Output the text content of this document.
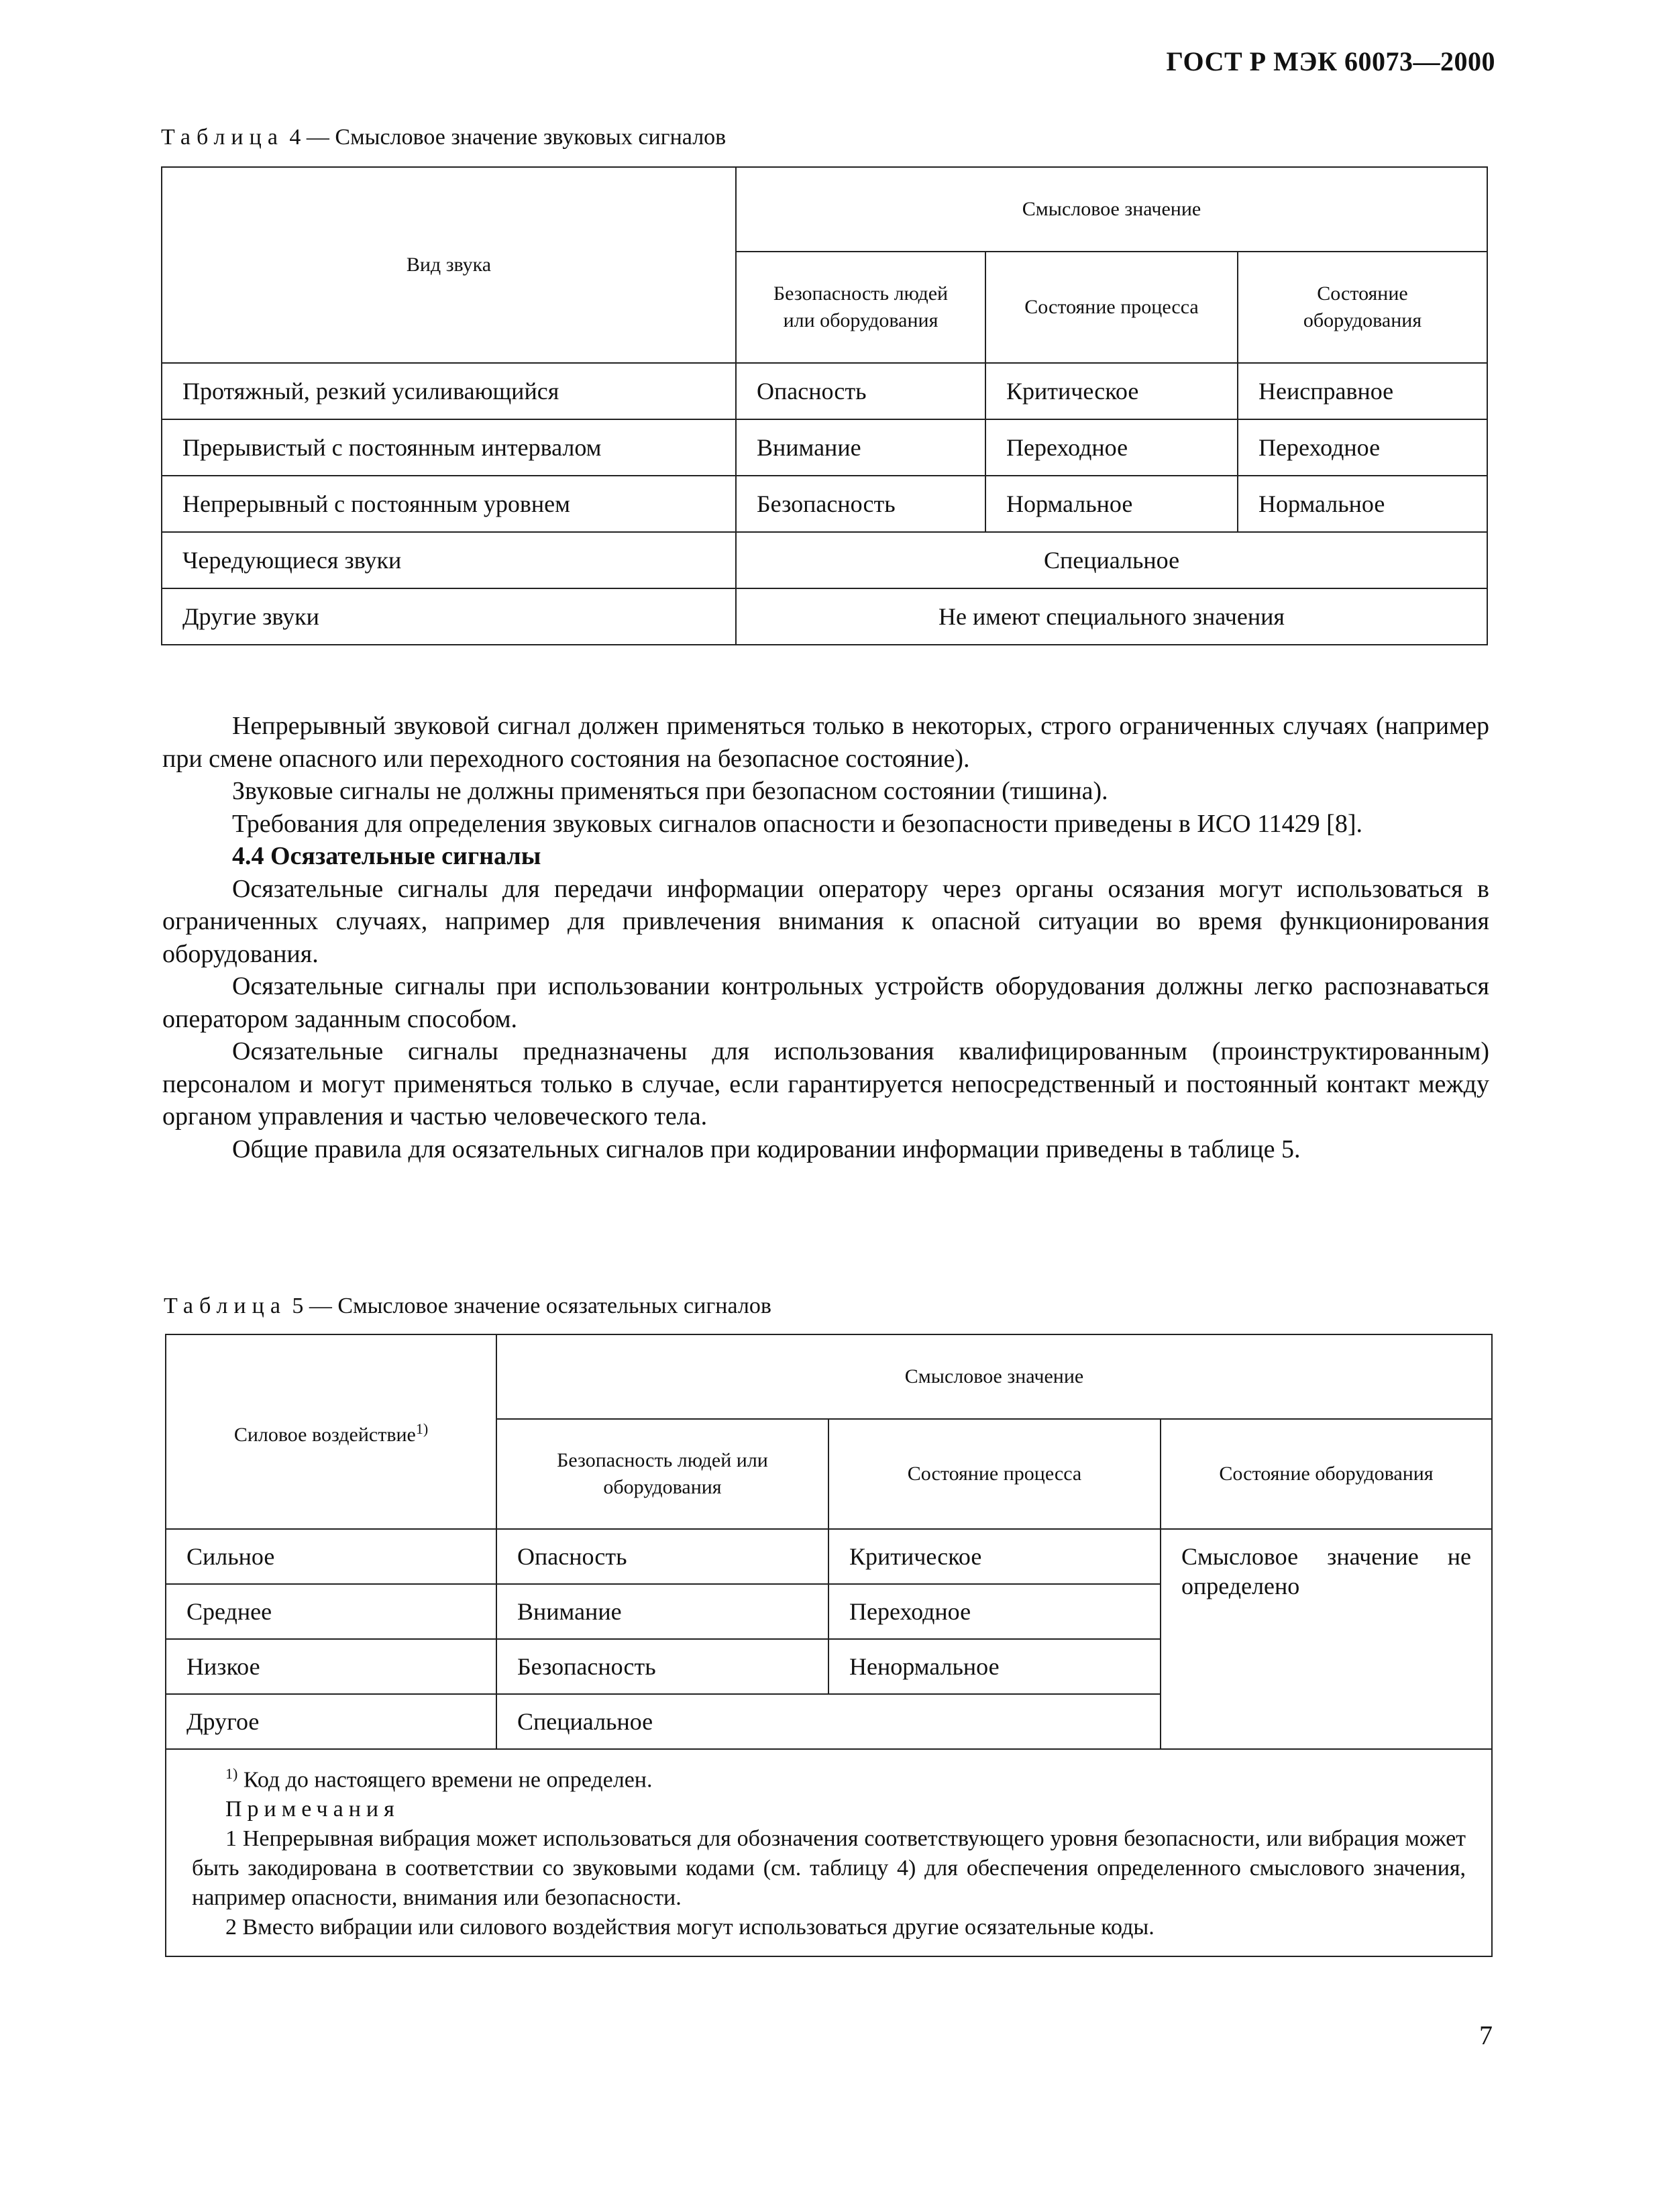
ГОСТ Р МЭК 60073—2000
Таблица 4 — Смысловое значение звуковых сигналов
Вид звука	Смысловое значение		
	Безопасность людей или оборудования	Состояние процесса	Состояние оборудования
Протяжный, резкий усиливающийся	Опасность	Критическое	Неисправное
Прерывистый с постоянным интервалом	Внимание	Переходное	Переходное
Непрерывный с постоянным уровнем	Безопасность	Нормальное	Нормальное
Чередующиеся звуки	Специальное		
Другие звуки	Не имеют специального значения		

Непрерывный звуковой сигнал должен применяться только в некоторых, строго ограниченных случаях (например при смене опасного или переходного состояния на безопасное состояние).

Звуковые сигналы не должны применяться при безопасном состоянии (тишина).

Требования для определения звуковых сигналов опасности и безопасности приведены в ИСО 11429 [8].

4.4 Осязательные сигналы

Осязательные сигналы для передачи информации оператору через органы осязания могут использоваться в ограниченных случаях, например для привлечения внимания к опасной ситуации во время функционирования оборудования.

Осязательные сигналы при использовании контрольных устройств оборудования должны легко распознаваться оператором заданным способом.

Осязательные сигналы предназначены для использования квалифицированным (проинструктированным) персоналом и могут применяться только в случае, если гарантируется непосредственный и постоянный контакт между органом управления и частью человеческого тела.

Общие правила для осязательных сигналов при кодировании информации приведены в таблице 5.

Таблица 5 — Смысловое значение осязательных сигналов
Силовое воздействие$^{1)}$	Смысловое значение		
	Безопасность людей или оборудования	Состояние процесса	Состояние оборудования
Сильное	Опасность	Критическое	Смысловое значение не определено
Среднее	Внимание	Переходное	
Низкое	Безопасность	Ненормальное	
Другое	Специальное		

$^{1)}$ Код до настоящего времени не определен.
Примечания
1 Непрерывная вибрация может использоваться для обозначения соответствующего уровня безопасности, или вибрация может быть закодирована в соответствии со звуковыми кодами (см. таблицу 4) для обеспечения определенного смыслового значения, например опасности, внимания или безопасности.
2 Вместо вибрации или силового воздействия могут использоваться другие осязательные коды.			
7
